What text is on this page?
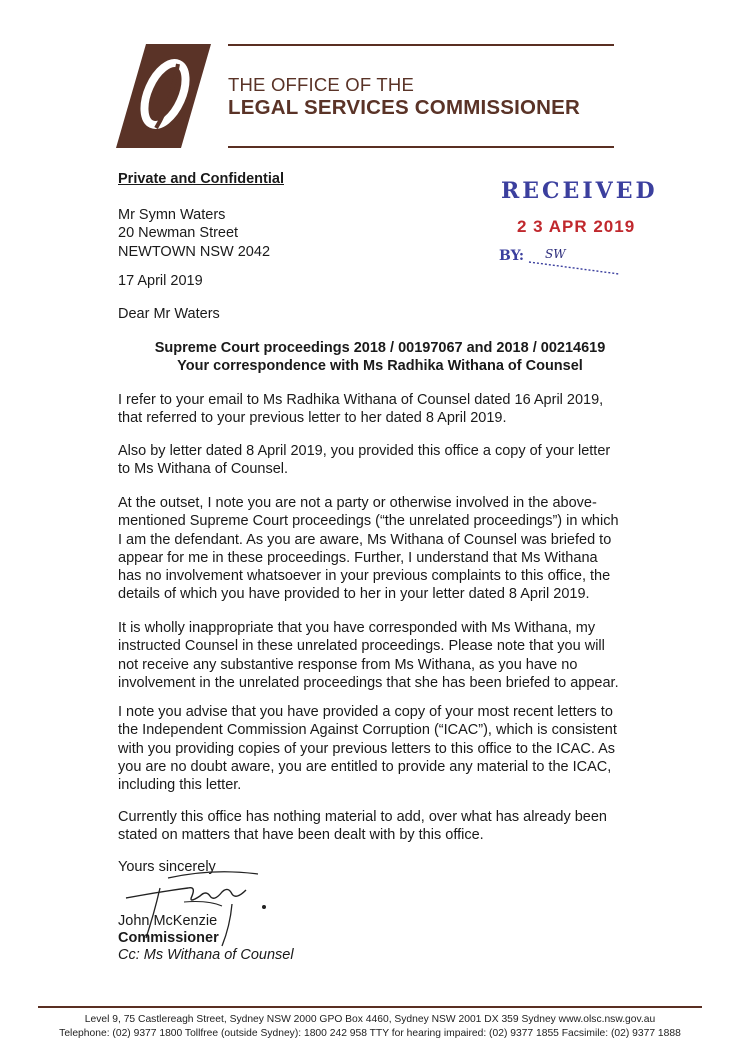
THE OFFICE OF THE
LEGAL SERVICES COMMISSIONER
RECEIVED
2 3 APR 2019
BY: SW
Private and Confidential
Mr Symn Waters
20 Newman Street
NEWTOWN NSW 2042
17 April 2019
Dear Mr Waters
Supreme Court proceedings 2018 / 00197067 and 2018 / 00214619
Your correspondence with Ms Radhika Withana of Counsel
I refer to your email to Ms Radhika Withana of Counsel dated 16 April 2019,
that referred to your previous letter to her dated 8 April 2019.
Also by letter dated 8 April 2019, you provided this office a copy of your letter
to Ms Withana of Counsel.
At the outset, I note you are not a party or otherwise involved in the above-
mentioned Supreme Court proceedings (“the unrelated proceedings”) in which
I am the defendant. As you are aware, Ms Withana of Counsel was briefed to
appear for me in these proceedings. Further, I understand that Ms Withana
has no involvement whatsoever in your previous complaints to this office, the
details of which you have provided to her in your letter dated 8 April 2019.
It is wholly inappropriate that you have corresponded with Ms Withana, my
instructed Counsel in these unrelated proceedings. Please note that you will
not receive any substantive response from Ms Withana, as you have no
involvement in the unrelated proceedings that she has been briefed to appear.
I note you advise that you have provided a copy of your most recent letters to
the Independent Commission Against Corruption (“ICAC”), which is consistent
with you providing copies of your previous letters to this office to the ICAC. As
you are no doubt aware, you are entitled to provide any material to the ICAC,
including this letter.
Currently this office has nothing material to add, over what has already been
stated on matters that have been dealt with by this office.
Yours sincerely
John McKenzie
Commissioner
Cc: Ms Withana of Counsel
Level 9, 75 Castlereagh Street, Sydney NSW 2000 GPO Box 4460, Sydney NSW 2001 DX 359 Sydney www.olsc.nsw.gov.au
Telephone: (02) 9377 1800 Tollfree (outside Sydney): 1800 242 958 TTY for hearing impaired: (02) 9377 1855 Facsimile: (02) 9377 1888
